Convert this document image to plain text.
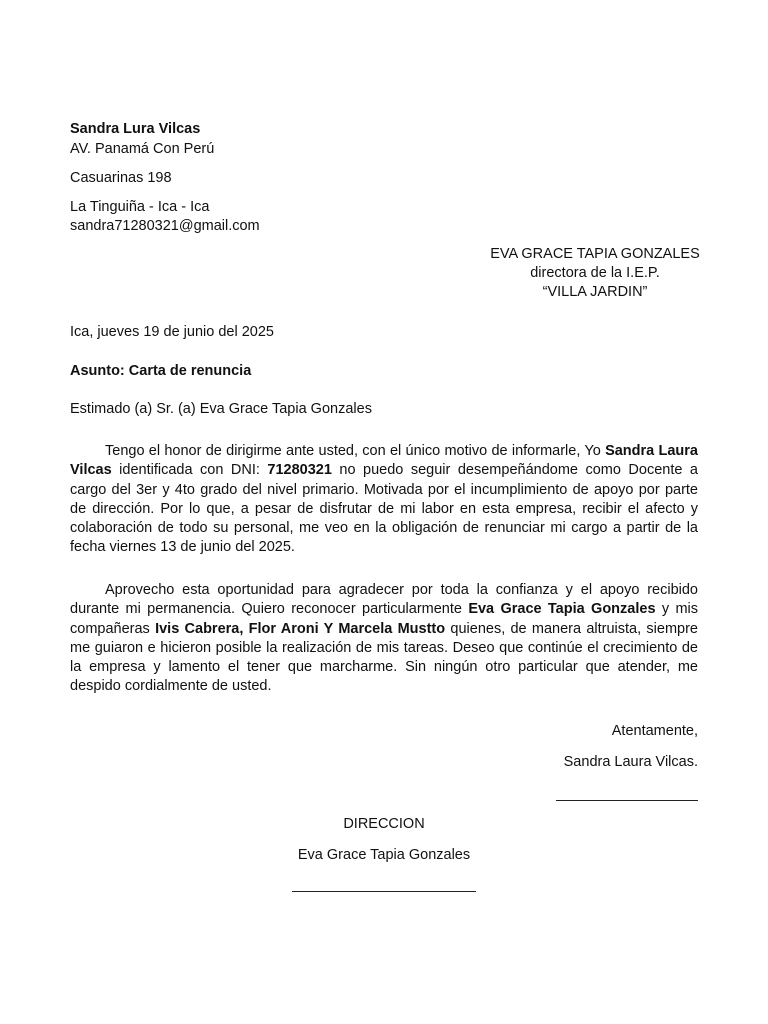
Sandra Lura Vilcas
AV. Panamá Con Perú
Casuarinas 198
La Tinguiña - Ica - Ica
sandra71280321@gmail.com
EVA GRACE TAPIA GONZALES
directora de la I.E.P.
“VILLA JARDIN”
Ica, jueves 19 de junio del 2025
Asunto: Carta de renuncia
Estimado (a) Sr. (a) Eva Grace Tapia Gonzales

Tengo el honor de dirigirme ante usted, con el único motivo de informarle, Yo Sandra Laura Vilcas identificada con DNI: 71280321 no puedo seguir desempeñándome como Docente a cargo del 3er y 4to grado del nivel primario. Motivada por el incumplimiento de apoyo por parte de dirección. Por lo que, a pesar de disfrutar de mi labor en esta empresa, recibir el afecto y colaboración de todo su personal, me veo en la obligación de renunciar mi cargo a partir de la fecha viernes 13 de junio del 2025.

Aprovecho esta oportunidad para agradecer por toda la confianza y el apoyo recibido durante mi permanencia. Quiero reconocer particularmente Eva Grace Tapia Gonzales y mis compañeras Ivis Cabrera, Flor Aroni Y Marcela Mustto quienes, de manera altruista, siempre me guiaron e hicieron posible la realización de mis tareas. Deseo que continúe el crecimiento de la empresa y lamento el tener que marcharme. Sin ningún otro particular que atender, me despido cordialmente de usted.

Atentamente,
Sandra Laura Vilcas.
DIRECCION
Eva Grace Tapia Gonzales
